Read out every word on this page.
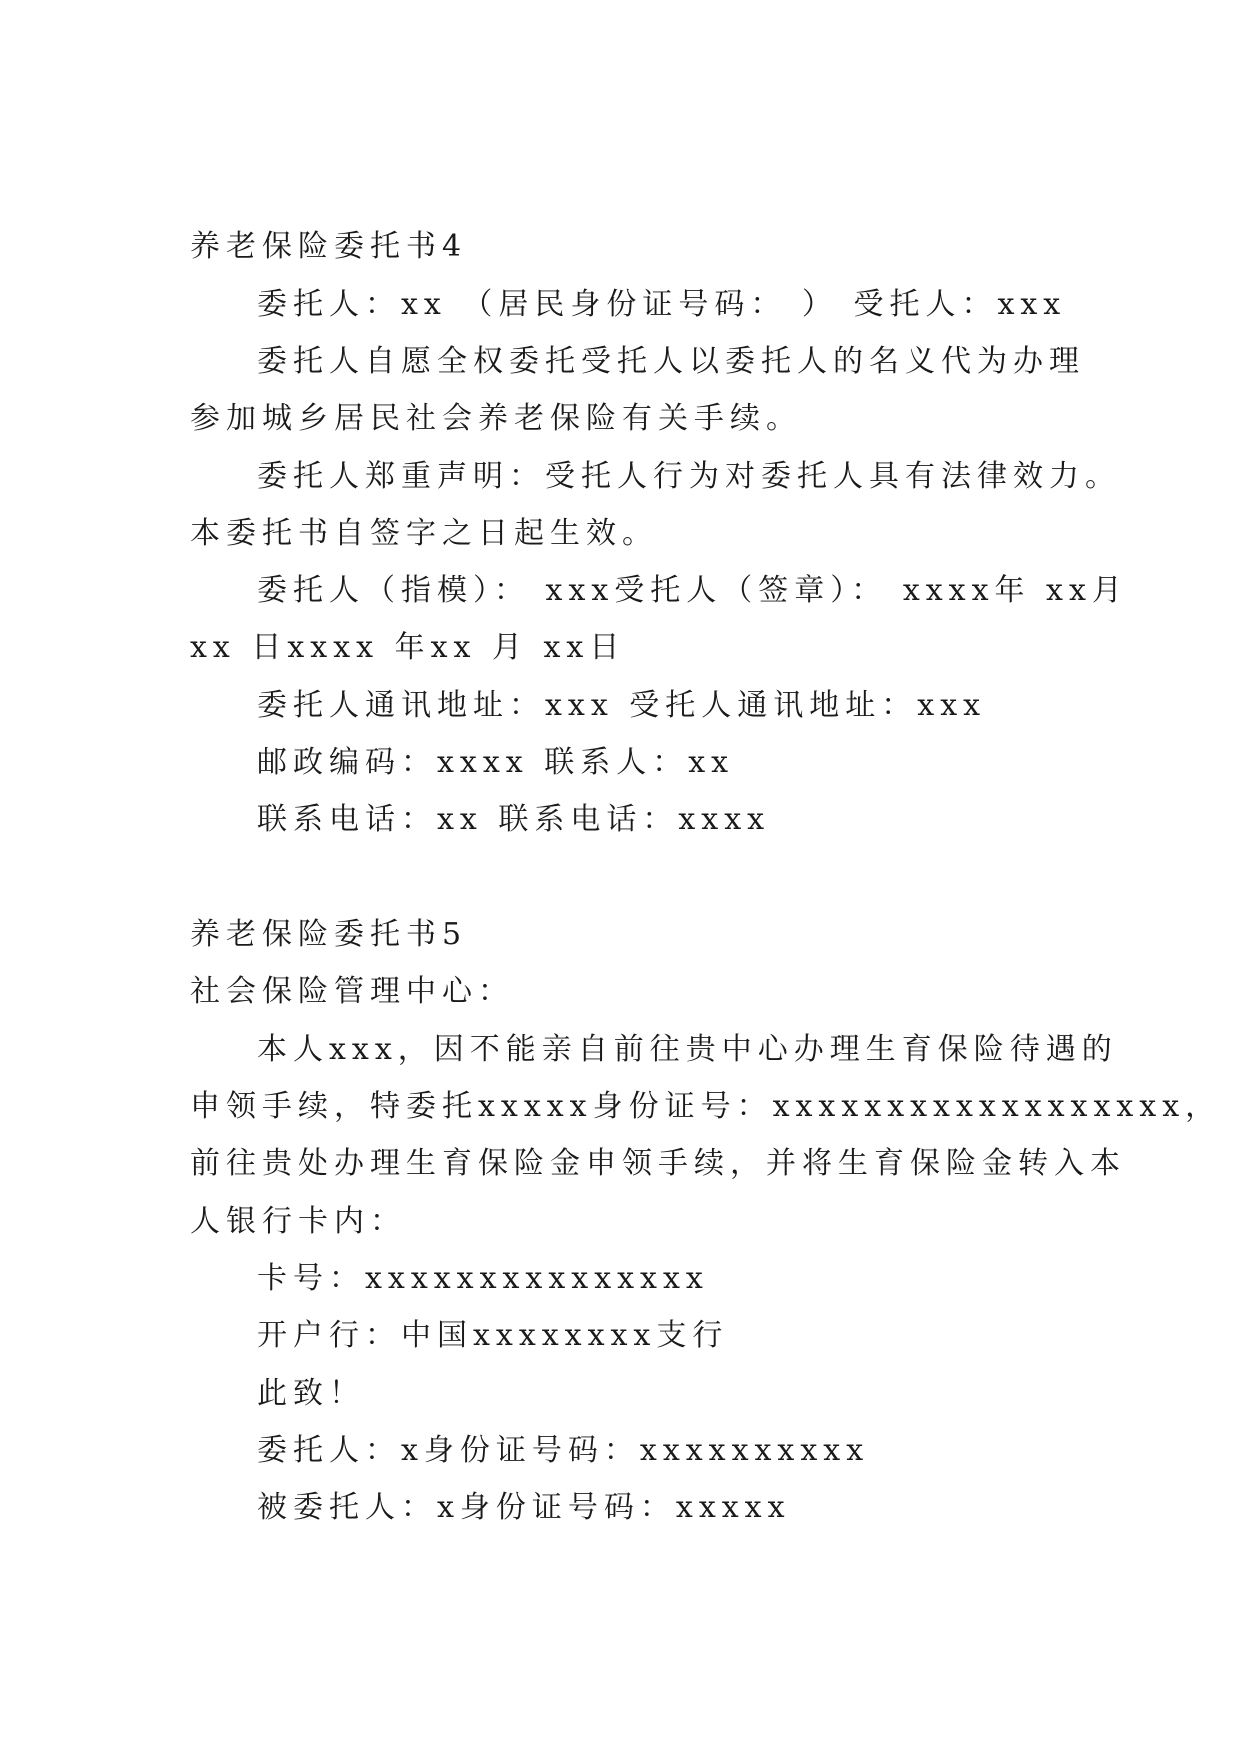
养老保险委托书4
委托人：xx （居民身份证号码： ） 受托人：xxx
委托人自愿全权委托受托人以委托人的名义代为办理
参加城乡居民社会养老保险有关手续。
委托人郑重声明：受托人行为对委托人具有法律效力。
本委托书自签字之日起生效。
委托人（指模）： xxx受托人（签章）： xxxx年 xx月
xx 日xxxx 年xx 月 xx日
委托人通讯地址：xxx 受托人通讯地址：xxx
邮政编码：xxxx 联系人：xx
联系电话：xx 联系电话：xxxx
养老保险委托书5
社会保险管理中心：
本人xxx，因不能亲自前往贵中心办理生育保险待遇的
申领手续，特委托xxxxx身份证号：xxxxxxxxxxxxxxxxxx，
前往贵处办理生育保险金申领手续，并将生育保险金转入本
人银行卡内：
卡号：xxxxxxxxxxxxxxx
开户行：中国xxxxxxxx支行
此致！
委托人：x身份证号码：xxxxxxxxxx
被委托人：x身份证号码：xxxxx
